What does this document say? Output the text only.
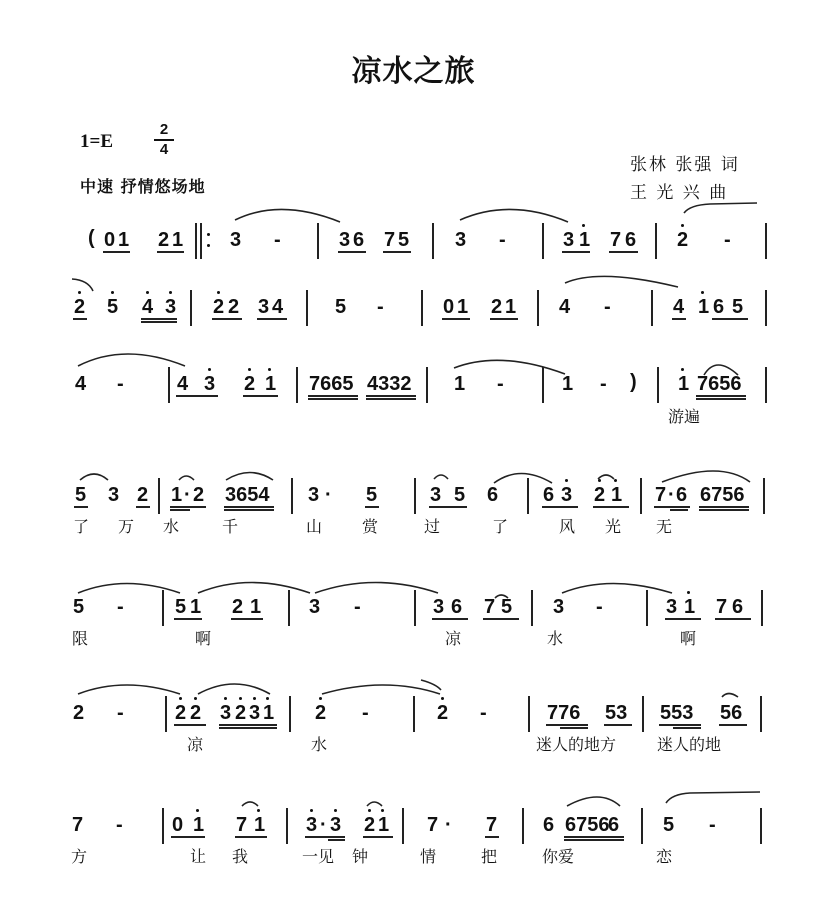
凉水之旅
1=E
2
4
中速 抒情悠场地
张林 张强 词
王 光 兴 曲
( 0 1 2 1 3 -	3 6 7 5 3 -	3 1 7 6 2 -
2 5 4 3 2 2 3 4	5 -	0 1 2 1 4 -	4 1 6 5
4 -	4 3 2 1 7665 4332 1 -	1 - ) 1 7656
游遍
5 3 2 1 · 2 3654 3 · 5	3 5 6 6 3 2 1 7 · 6 6756
了 万 水	千	山 赏	过	了	风 光 无
5 -	5 1 2 1 3 -	3 6 7 5 3 -	3 1 7 6
限	啊	凉	水	啊
2 -	2 2 3 2 3 1 2 -	2 -	776 53 553 56
凉	水	迷人的地方	迷人的地
7 - 0 1 7 1 3 · 3 2 1 7 · 7 6 6756
6 5 -
方	让 我	一见 钟	情	把	你爱	恋
